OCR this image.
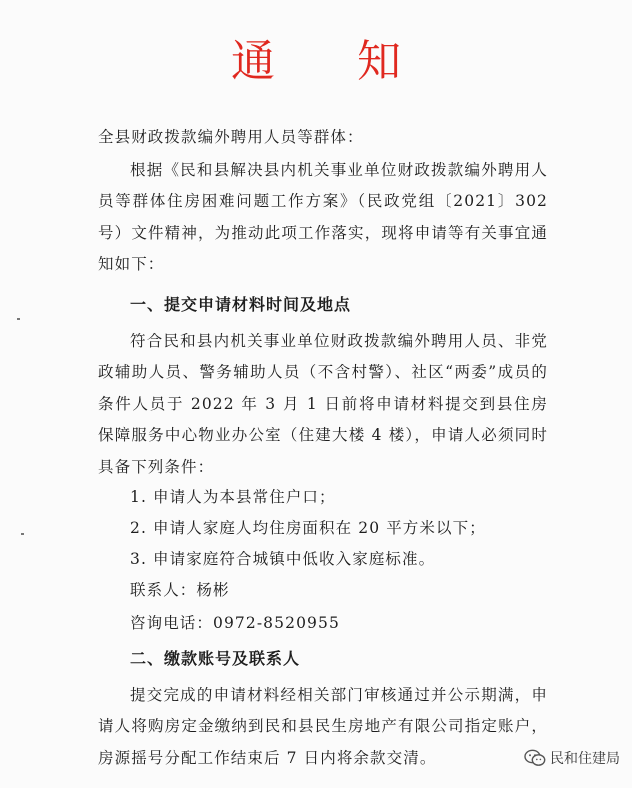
通 知

全县财政拨款编外聘用人员等群体：

根据《民和县解决县内机关事业单位财政拨款编外聘用人员等群体住房困难问题工作方案》（民政党组〔2021〕302号）文件精神，为推动此项工作落实，现将申请等有关事宜通知如下：

一、提交申请材料时间及地点

符合民和县内机关事业单位财政拨款编外聘用人员、非党政辅助人员、警务辅助人员（不含村警）、社区“两委”成员的条件人员于 2022 年 3 月 1 日前将申请材料提交到县住房保障服务中心物业办公室（住建大楼 4 楼），申请人必须同时具备下列条件：

1. 申请人为本县常住户口；
2. 申请人家庭人均住房面积在 20 平方米以下；
3. 申请家庭符合城镇中低收入家庭标准。
联系人：杨彬
咨询电话：0972-8520955
二、缴款账号及联系人

提交完成的申请材料经相关部门审核通过并公示期满，申请人将购房定金缴纳到民和县民生房地产有限公司指定账户，房源摇号分配工作结束后 7 日内将余款交清。	民和住建局
